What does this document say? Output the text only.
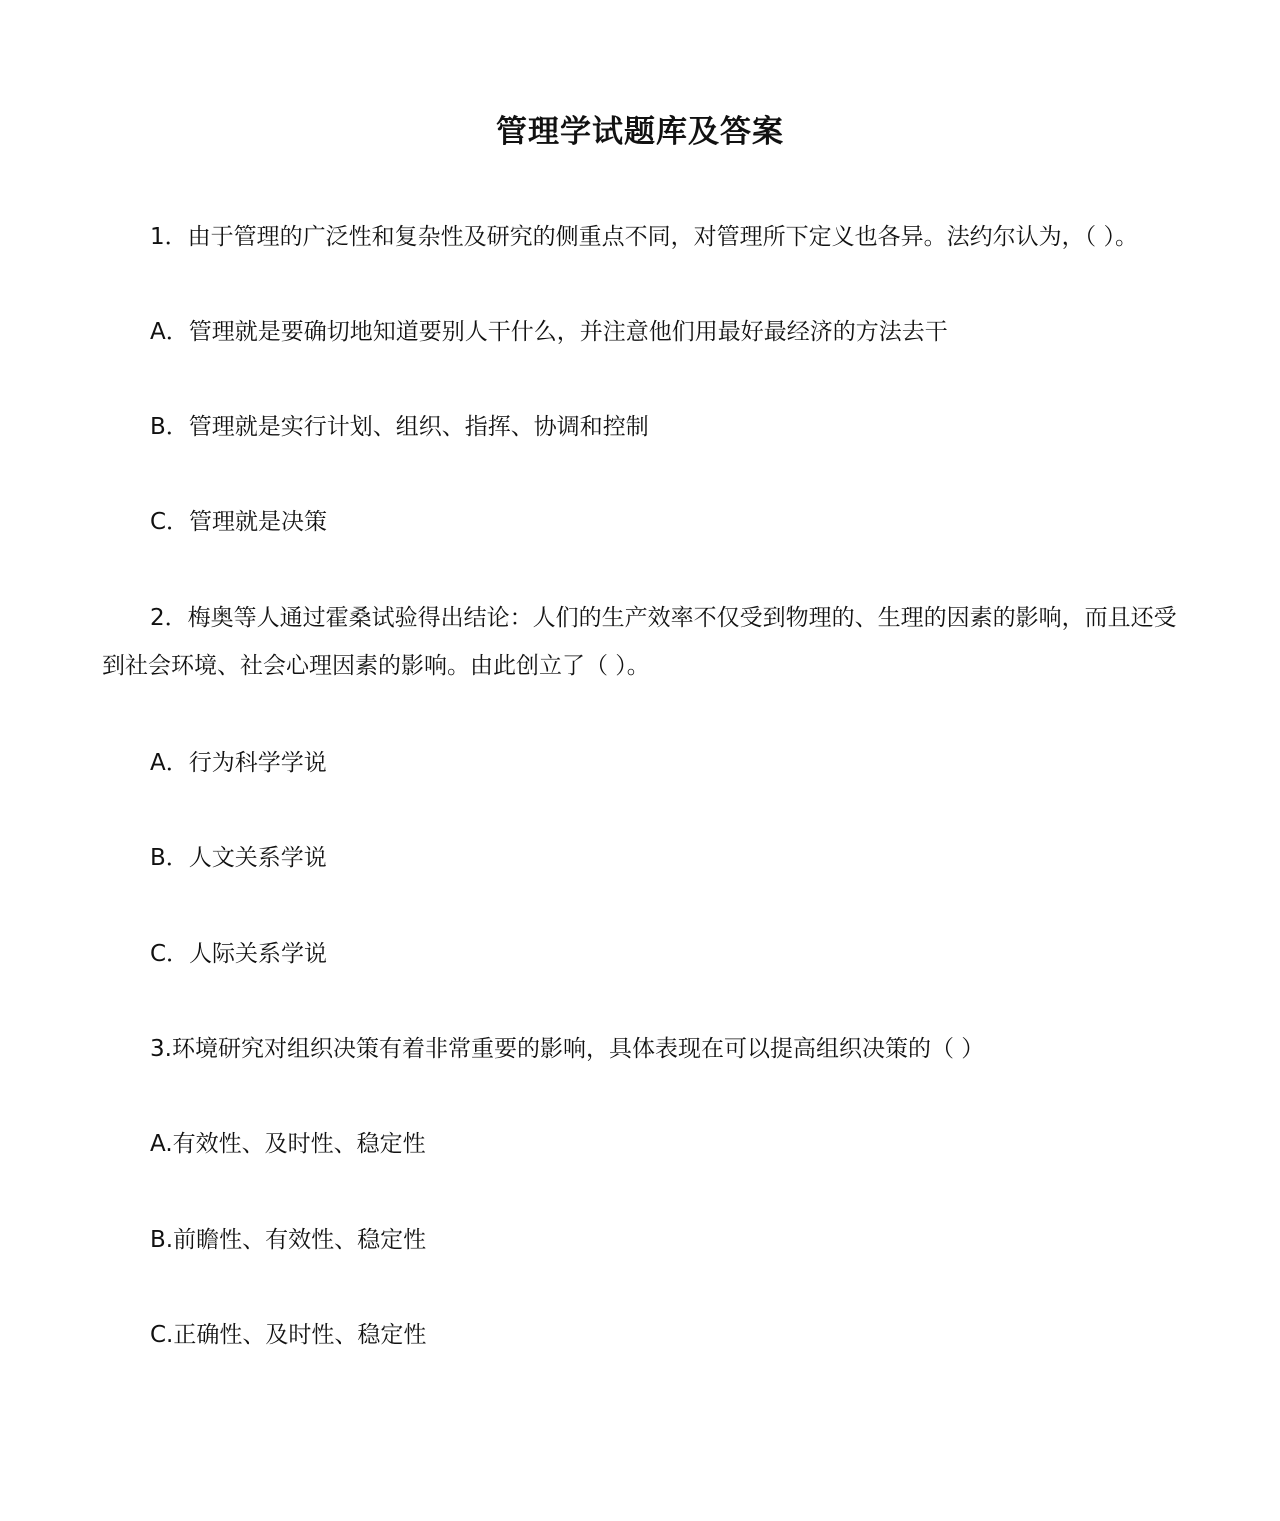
管理学试题库及答案

1．由于管理的广泛性和复杂性及研究的侧重点不同，对管理所下定义也各异。法约尔认为，（ ）。

A．管理就是要确切地知道要别人干什么，并注意他们用最好最经济的方法去干

B．管理就是实行计划、组织、指挥、协调和控制

C．管理就是决策

2．梅奥等人通过霍桑试验得出结论：人们的生产效率不仅受到物理的、生理的因素的影响，而且还受到社会环境、社会心理因素的影响。由此创立了（ ）。

A．行为科学学说

B．人文关系学说

C．人际关系学说

3.环境研究对组织决策有着非常重要的影响，具体表现在可以提高组织决策的（ ）

A.有效性、及时性、稳定性

B.前瞻性、有效性、稳定性

C.正确性、及时性、稳定性
